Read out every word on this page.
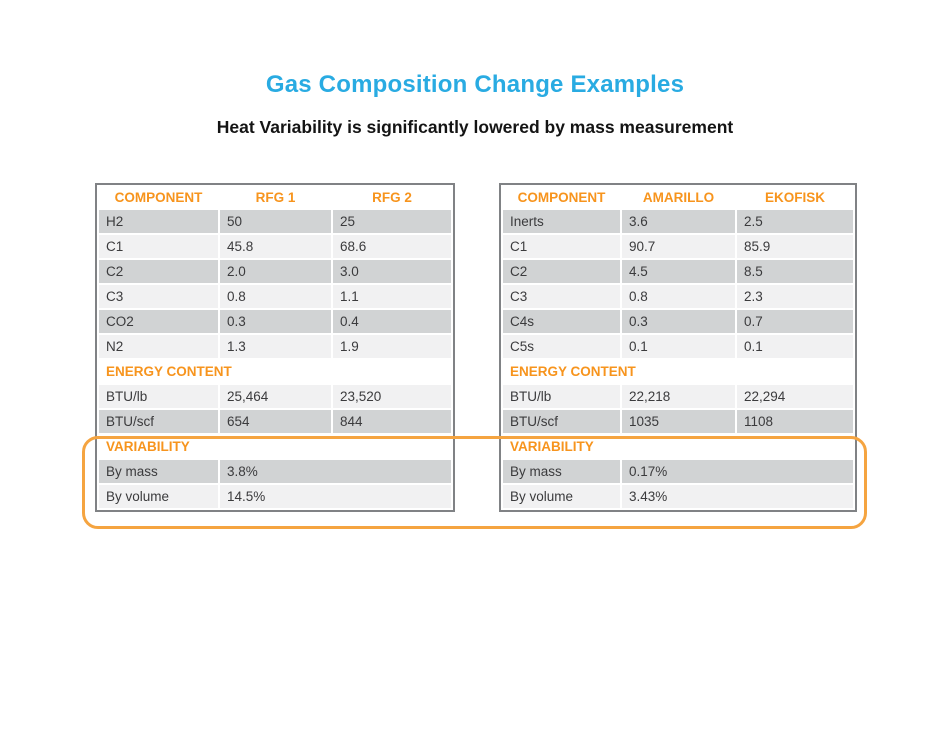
Gas Composition Change Examples
Heat Variability is significantly lowered by mass measurement
COMPONENT	RFG 1	RFG 2
H2	50	25
C1	45.8	68.6
C2	2.0	3.0
C3	0.8	1.1
CO2	0.3	0.4
N2	1.3	1.9
ENERGY CONTENT		
BTU/lb	25,464	23,520
BTU/scf	654	844
VARIABILITY		
By mass	3.8%	
By volume	14.5%	
COMPONENT	AMARILLO	EKOFISK
Inerts	3.6	2.5
C1	90.7	85.9
C2	4.5	8.5
C3	0.8	2.3
C4s	0.3	0.7
C5s	0.1	0.1
ENERGY CONTENT		
BTU/lb	22,218	22,294
BTU/scf	1035	1108
VARIABILITY		
By mass	0.17%	
By volume	3.43%	
